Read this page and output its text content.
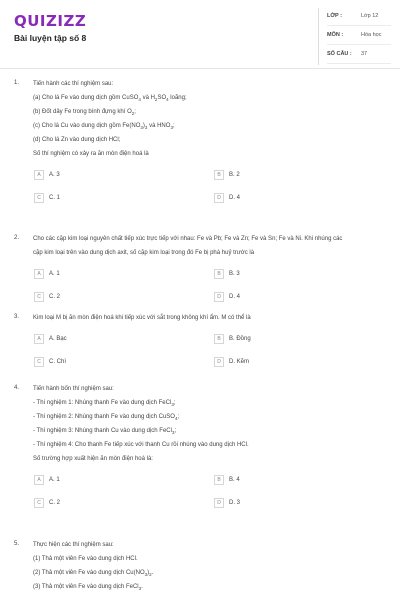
QUIZIZZ
Bài luyện tập số 8
LỚP :	Lớp 12
MÔN :	Hóa học
SỐ CÂU : 37
1. Tiến hành các thí nghiệm sau:
(a) Cho lá Fe vào dung dịch gồm CuSO$_4$ và $H_2SO_4$ loãng;
(b) Đốt dây Fe trong bình đựng khí $O_2$;
(c) Cho lá Cu vào dung dịch gồm $Fe(NO_3)_3$ và $HNO_3$;
(d) Cho lá Zn vào dung dịch HCl;
Số thí nghiệm có xảy ra ăn mòn điện hoá là
A A. 3	B B. 2
C C. 1	D D. 4
2. Cho các cặp kim loại nguyên chất tiếp xúc trực tiếp với nhau: Fe và Pb; Fe và Zn; Fe và Sn; Fe và Ni. Khi nhúng các
cặp kim loại trên vào dung dịch axit, số cặp kim loại trong đó Fe bị phá huỷ trước là
A A. 1	B B. 3
C C. 2	D D. 4
3. Kim loại M bị ăn mòn điện hoá khi tiếp xúc với sắt trong không khí ẩm. M có thể là
A A. Bạc	B B. Đồng
C C. Chì	D D. Kẽm
4. Tiến hành bốn thí nghiệm sau:
- Thí nghiệm 1: Nhúng thanh Fe vào dung dịch FeCl$_3$;
- Thí nghiệm 2: Nhúng thanh Fe vào dung dịch CuSO$_4$;
- Thí nghiệm 3: Nhúng thanh Cu vào dung dịch FeCl$_3$;
- Thí nghiệm 4: Cho thanh Fe tiếp xúc với thanh Cu rồi nhúng vào dung dịch HCl.
Số trường hợp xuất hiện ăn mòn điện hoá là:
A A. 1	B B. 4
C C. 2	D D. 3
5. Thực hiện các thí nghiệm sau:
(1) Thả một viên Fe vào dung dịch HCl.
(2) Thả một viên Fe vào dung dịch $Cu(NO_3)_2$.
(3) Thả một viên Fe vào dung dịch FeCl$_3$.
